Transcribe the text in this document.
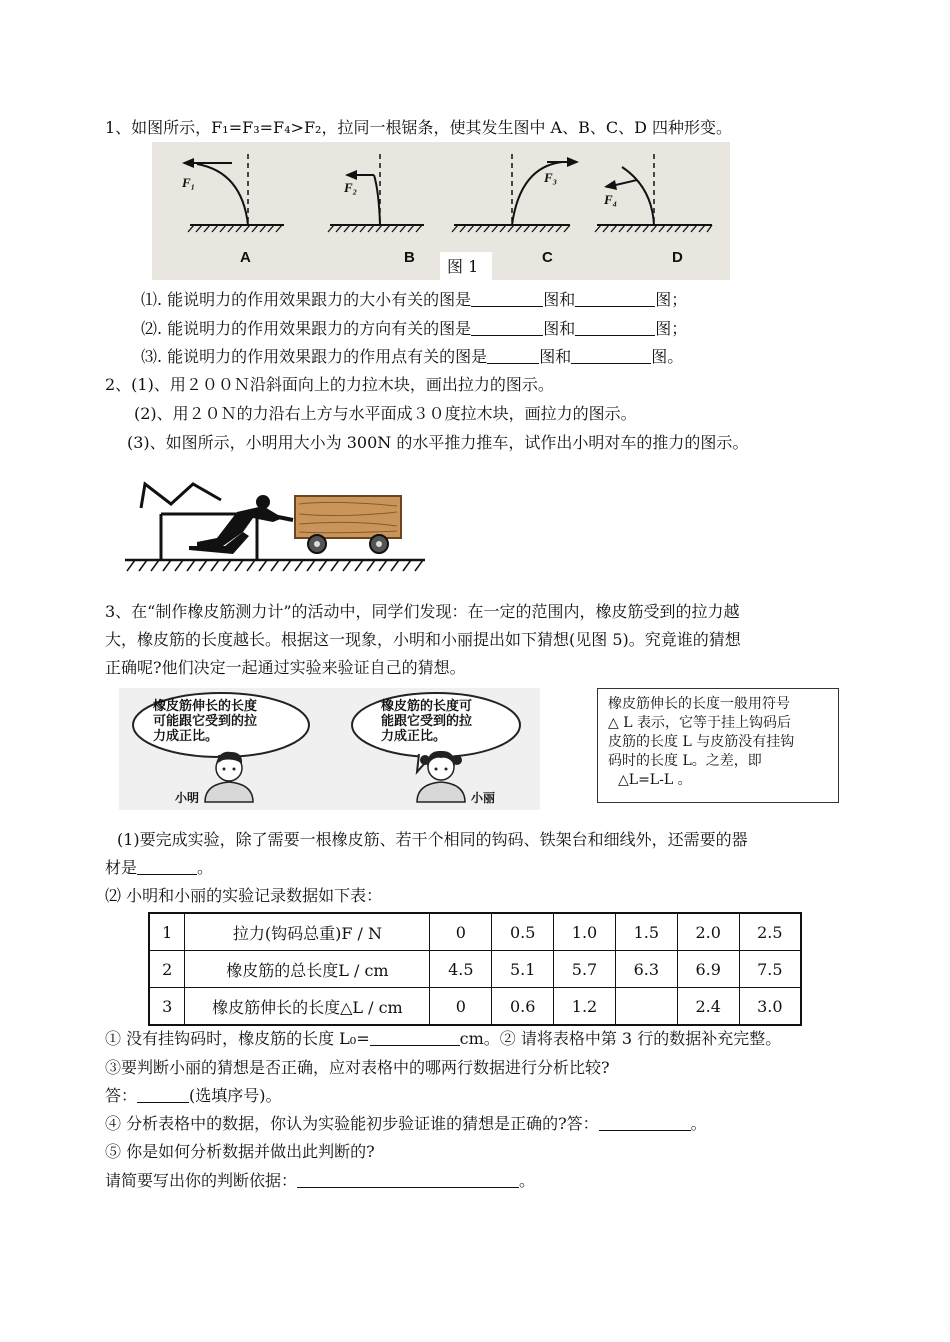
1、如图所示，F₁=F₃=F₄>F₂，拉同一根锯条，使其发生图中 A、B、C、D 四种形变。
F₁	F₂
F₃
F₄
A	B	C	D
图 1
⑴. 能说明力的作用效果跟力的大小有关的图是	图和	图；
⑵. 能说明力的作用效果跟力的方向有关的图是	图和	图；
⑶. 能说明力的作用效果跟力的作用点有关的图是	图和	图。
2、(1)、用２００Ｎ沿斜面向上的力拉木块，画出拉力的图示。
(2)、用２０Ｎ的力沿右上方与水平面成３０度拉木块，画拉力的图示。
(3)、如图所示，小明用大小为 300N 的水平推力推车，试作出小明对车的推力的图示。
3、在“制作橡皮筋测力计”的活动中，同学们发现：在一定的范围内，橡皮筋受到的拉力越
大，橡皮筋的长度越长。根据这一现象，小明和小丽提出如下猜想(见图 5)。究竟谁的猜想
正确呢?他们决定一起通过实验来验证自己的猜想。
橡皮筋伸长的长度
可能跟它受到的拉
力成正比。
橡皮筋的长度可
能跟它受到的拉
力成正比。
小明	小丽
橡皮筋伸长的长度一般用符号
△ L 表示，它等于挂上钩码后
皮筋的长度 L 与皮筋没有挂钩
码时的长度 L。之差，即
△L=L-L 。
(1)要完成实验，除了需要一根橡皮筋、若干个相同的钩码、铁架台和细线外，还需要的器
材是	。
⑵ 小明和小丽的实验记录数据如下表：
1	拉力(钩码总重)F / N	0	0.5	1.0	1.5	2.0	2.5
2	橡皮筋的总长度L / cm	4.5	5.1	5.7	6.3	6.9	7.5
3	橡皮筋伸长的长度△L / cm	0	0.6	1.2		2.4	3.0
① 没有挂钩码时，橡皮筋的长度 L₀=	cm。② 请将表格中第 3 行的数据补充完整。
③要判断小丽的猜想是否正确，应对表格中的哪两行数据进行分析比较?
答：	(选填序号)。
④ 分析表格中的数据，你认为实验能初步验证谁的猜想是正确的?答：	。
⑤ 你是如何分析数据并做出此判断的?
请简要写出你的判断依据：	。
